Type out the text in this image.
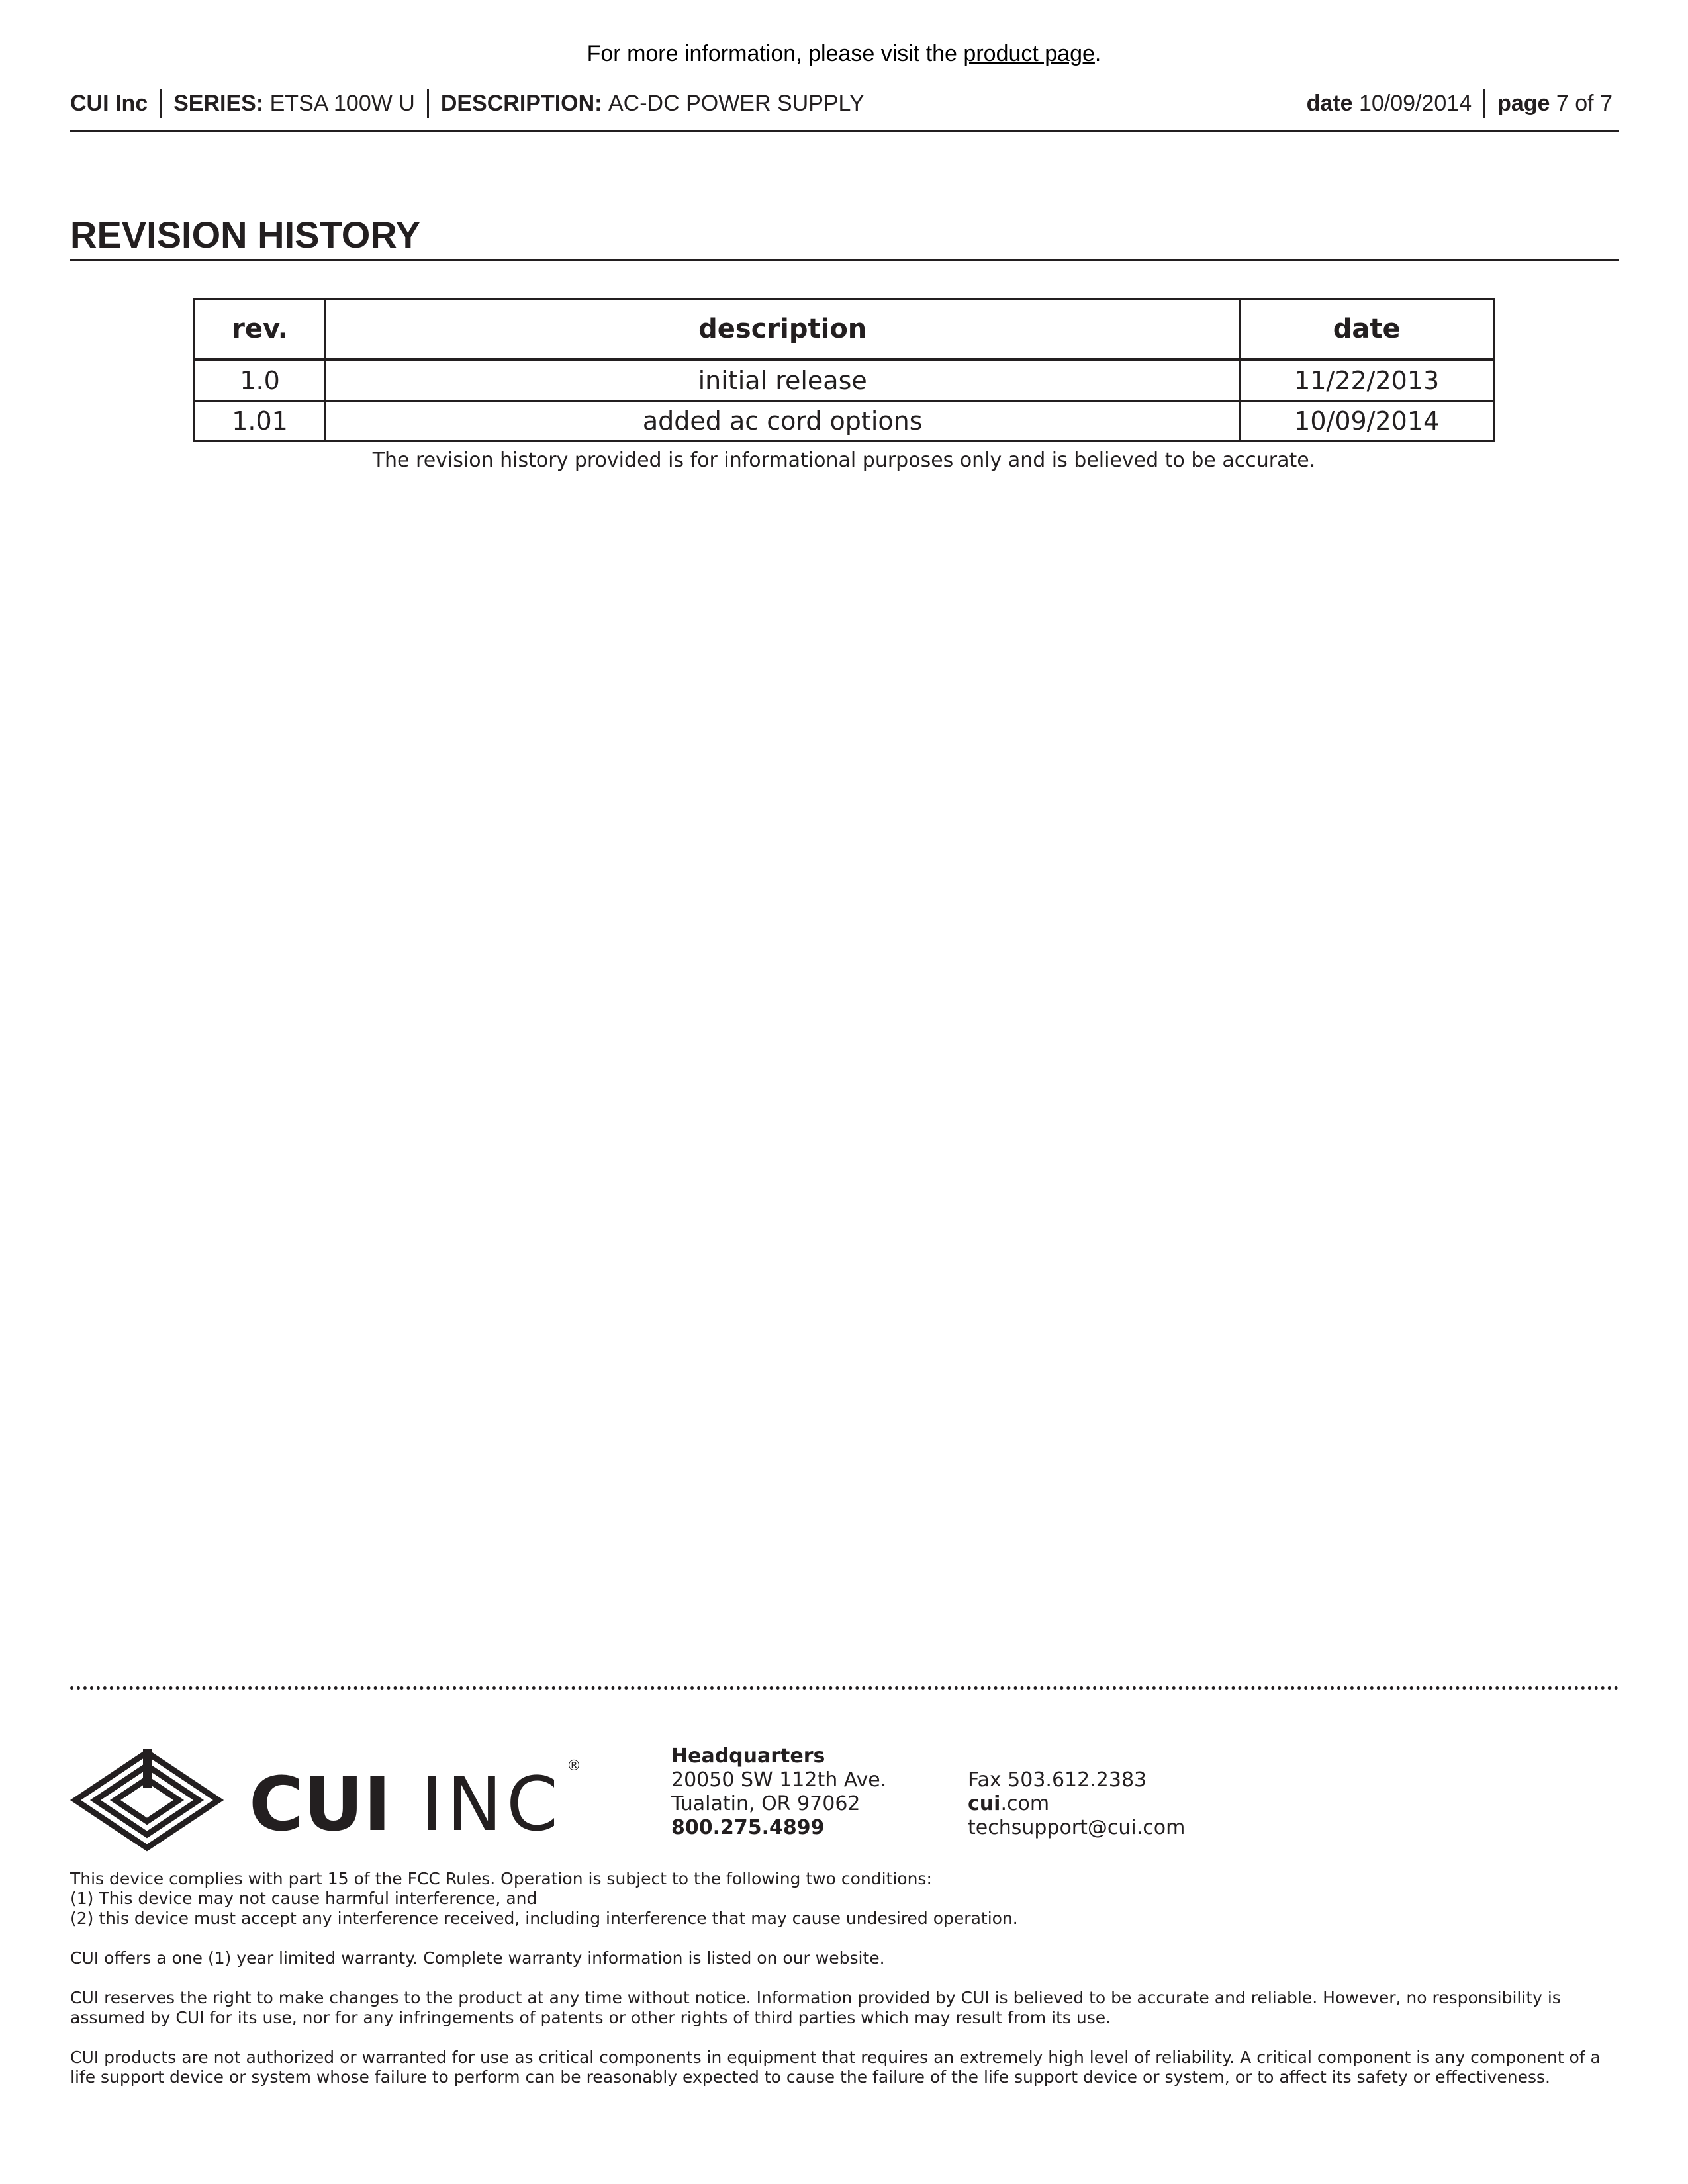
For more information, please visit the product page.
CUI Inc SERIES:
ETSA 100W U DESCRIPTION:
AC-DC POWER SUPPLY	date
10/09/2014 page
7 of 7
REVISION HISTORY
rev.	description	date
1.0	initial release	11/22/2013
1.01	added ac cord options	10/09/2014
The revision history provided is for informational purposes only and is believed to be accurate.
CUI INC ®	Headquarters
20050 SW 112th Ave.
Tualatin, OR 97062
800.275.4899
Fax 503.612.2383
cui.com
techsupport@cui.com

This device complies with part 15 of the FCC Rules. Operation is subject to the following two conditions:
(1) This device may not cause harmful interference, and
(2) this device must accept any interference received, including interference that may cause undesired operation.

CUI offers a one (1) year limited warranty. Complete warranty information is listed on our website.

CUI reserves the right to make changes to the product at any time without notice. Information provided by CUI is believed to be accurate and reliable. However, no responsibility is assumed by CUI for its use, nor for any infringements of patents or other rights of third parties which may result from its use.

CUI products are not authorized or warranted for use as critical components in equipment that requires an extremely high level of reliability. A critical component is any component of a life support device or system whose failure to perform can be reasonably expected to cause the failure of the life support device or system, or to affect its safety or effectiveness.
